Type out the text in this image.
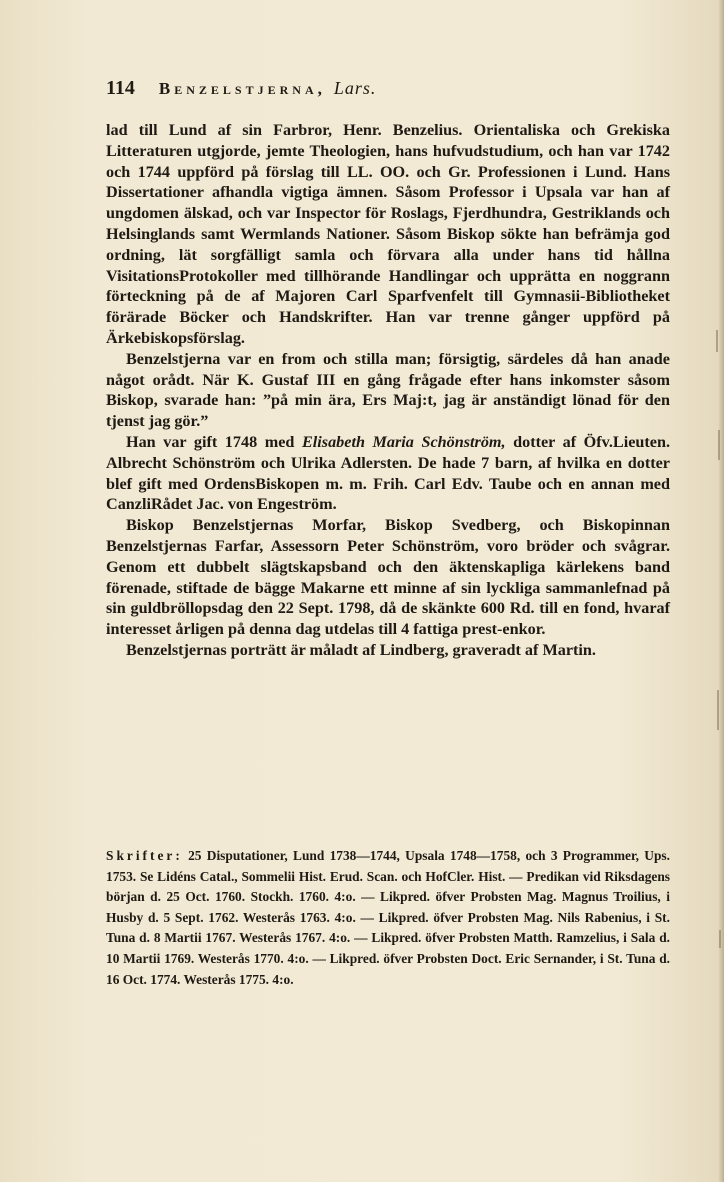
114 Benzelstjerna, Lars.

lad till Lund af sin Farbror, Henr. Benzelius. Orientaliska och Grekiska Litteraturen utgjorde, jemte Theologien, hans hufvudstudium, och han var 1742 och 1744 uppförd på förslag till LL. OO. och Gr. Professionen i Lund. Hans Dissertationer afhandla vigtiga ämnen. Såsom Professor i Upsala var han af ungdomen älskad, och var Inspector för Roslags, Fjerdhundra, Gestriklands och Helsinglands samt Wermlands Nationer. Såsom Biskop sökte han befrämja god ordning, lät sorgfälligt samla och förvara alla under hans tid hållna VisitationsProtokoller med tillhörande Handlingar och upprätta en noggrann förteckning på de af Majoren Carl Sparfvenfelt till Gymnasii-Bibliotheket förärade Böcker och Handskrifter. Han var trenne gånger uppförd på Ärkebiskopsförslag.

Benzelstjerna var en from och stilla man; försigtig, särdeles då han anade något orådt. När K. Gustaf III en gång frågade efter hans inkomster såsom Biskop, svarade han: ”på min ära, Ers Maj:t, jag är anständigt lönad för den tjenst jag gör.”

Han var gift 1748 med Elisabeth Maria Schönström, dotter af Öfv.Lieuten. Albrecht Schönström och Ulrika Adlersten. De hade 7 barn, af hvilka en dotter blef gift med OrdensBiskopen m. m. Frih. Carl Edv. Taube och en annan med CanzliRådet Jac. von Engeström.

Biskop Benzelstjernas Morfar, Biskop Svedberg, och Biskopinnan Benzelstjernas Farfar, Assessorn Peter Schönström, voro bröder och svågrar. Genom ett dubbelt slägtskapsband och den äktenskapliga kärlekens band förenade, stiftade de bägge Makarne ett minne af sin lyckliga sammanlefnad på sin guldbröllopsdag den 22 Sept. 1798, då de skänkte 600 Rd. till en fond, hvaraf interesset årligen på denna dag utdelas till 4 fattiga prest-enkor.

Benzelstjernas porträtt är måladt af Lindberg, graveradt af Martin.

Skrifter: 25 Disputationer, Lund 1738—1744, Upsala 1748—1758, och 3 Programmer, Ups. 1753. Se Lidéns Catal., Sommelii Hist. Erud. Scan. och HofCler. Hist. — Predikan vid Riksdagens början d. 25 Oct. 1760. Stockh. 1760. 4:o. — Likpred. öfver Probsten Mag. Magnus Troilius, i Husby d. 5 Sept. 1762. Westerås 1763. 4:o. — Likpred. öfver Probsten Mag. Nils Rabenius, i St. Tuna d. 8 Martii 1767. Westerås 1767. 4:o. — Likpred. öfver Probsten Matth. Ramzelius, i Sala d. 10 Martii 1769. Westerås 1770. 4:o. — Likpred. öfver Probsten Doct. Eric Sernander, i St. Tuna d. 16 Oct. 1774. Westerås 1775. 4:o.
